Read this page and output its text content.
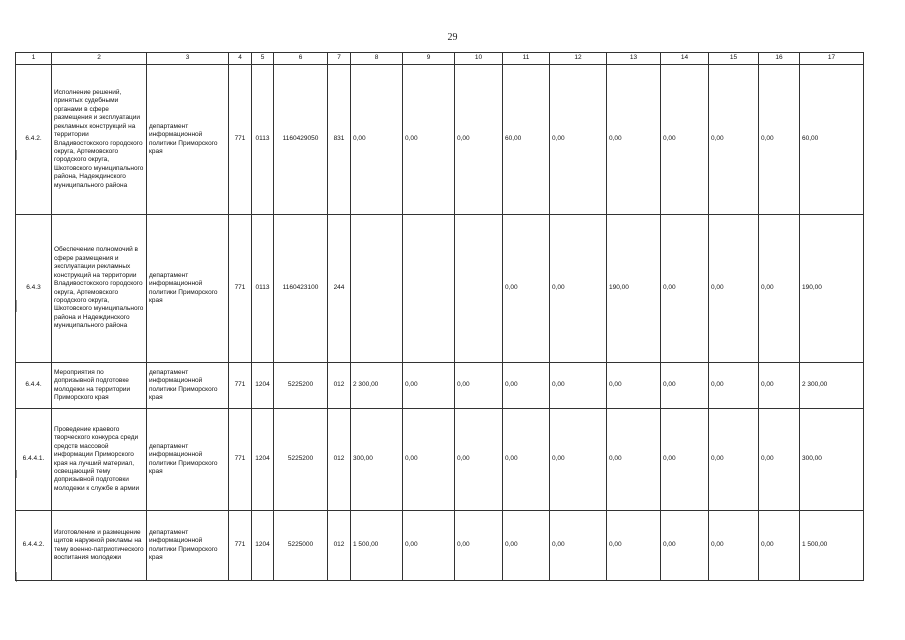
29
1	2	3	4	5	6	7	8	9	10	11	12	13	14	15	16	17
6.4.2.	Исполнение решений, принятых судебными органами в сфере размещения и эксплуатации рекламных конструкций на территории Владивостокского городского округа, Артемовского городского округа, Шкотовского муниципального района, Надеждинского муниципального района	департамент информационной политики Приморского края	771	0113	1160429050	831	0,00	0,00	0,00	60,00	0,00	0,00	0,00	0,00	0,00	60,00
6.4.3	Обеспечение полномочий в сфере размещения и эксплуатации рекламных конструкций на территории Владивостокского городского округа, Артемовского городского округа, Шкотовского муниципального района и Надеждинского муниципального района	департамент информационной политики Приморского края	771	0113	1160423100	244				0,00	0,00	190,00	0,00	0,00	0,00	190,00
6.4.4.	Мероприятия по допризывной подготовке молодежи на территории Приморского края	департамент информационной политики Приморского края	771	1204	5225200	012	2 300,00	0,00	0,00	0,00	0,00	0,00	0,00	0,00	0,00	2 300,00
6.4.4.1.	Проведение краевого творческого конкурса среди средств массовой информации Приморского края на лучший материал, освещающий тему допризывной подготовки молодежи к службе в армии	департамент информационной политики Приморского края	771	1204	5225200	012	300,00	0,00	0,00	0,00	0,00	0,00	0,00	0,00	0,00	300,00
6.4.4.2.	Изготовление и размещение щитов наружной рекламы на тему военно-патриотического воспитания молодежи	департамент информационной политики Приморского края	771	1204	5225000	012	1 500,00	0,00	0,00	0,00	0,00	0,00	0,00	0,00	0,00	1 500,00
